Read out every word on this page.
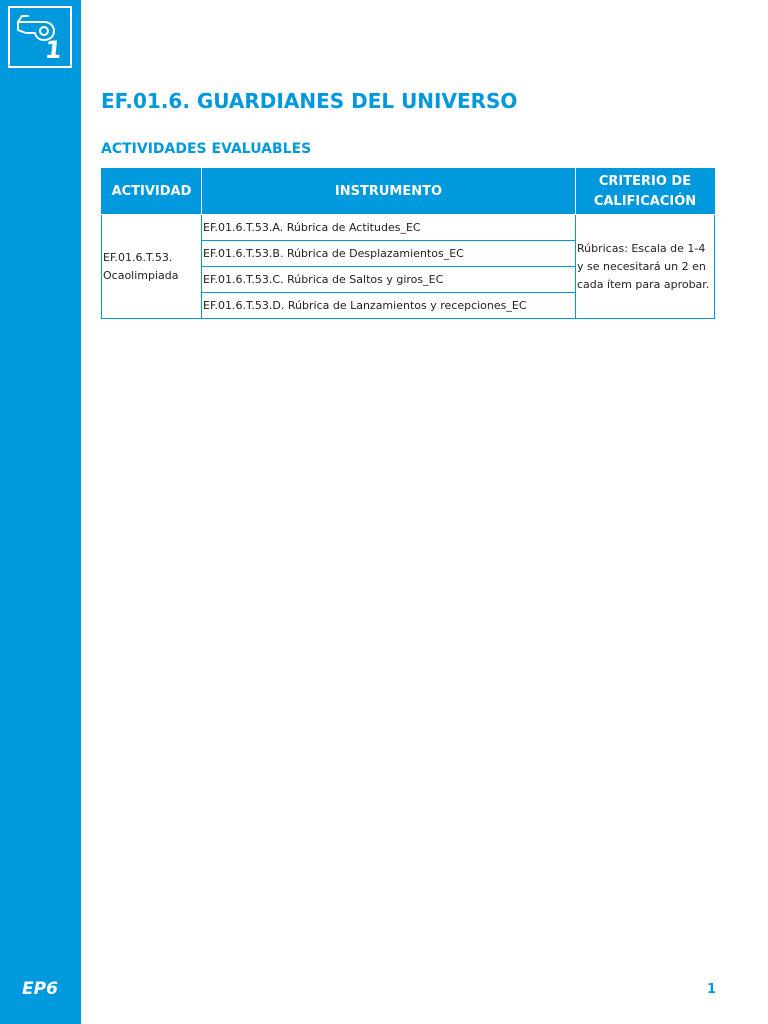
1
EP6
EF.01.6. GUARDIANES DEL UNIVERSO
ACTIVIDADES EVALUABLES
ACTIVIDAD	INSTRUMENTO	CRITERIO DE CALIFICACIÓN
EF.01.6.T.53. Ocaolimpiada	EF.01.6.T.53.A. Rúbrica de Actitudes_EC	Rúbricas: Escala de 1-4 y se necesitará un 2 en cada ítem para aprobar.
	EF.01.6.T.53.B. Rúbrica de Desplazamientos_EC	
	EF.01.6.T.53.C. Rúbrica de Saltos y giros_EC	
	EF.01.6.T.53.D. Rúbrica de Lanzamientos y recepciones_EC	
1
